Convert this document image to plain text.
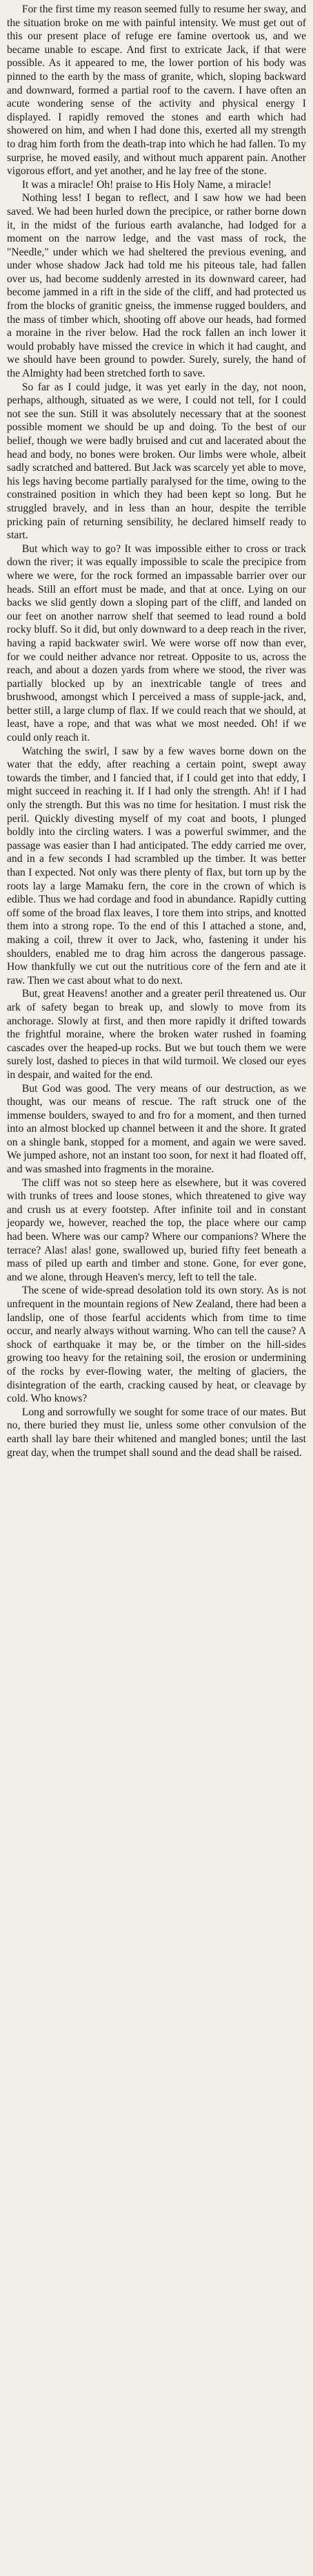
For the first time my reason seemed fully to resume her sway, and the situation broke on me with painful intensity. We must get out of this our present place of refuge ere famine overtook us, and we became unable to escape. And first to extricate Jack, if that were possible. As it appeared to me, the lower portion of his body was pinned to the earth by the mass of granite, which, sloping backward and downward, formed a partial roof to the cavern. I have often an acute wondering sense of the activity and physical energy I displayed. I rapidly removed the stones and earth which had showered on him, and when I had done this, exerted all my strength to drag him forth from the death-trap into which he had fallen. To my surprise, he moved easily, and without much apparent pain. Another vigorous effort, and yet another, and he lay free of the stone.

It was a miracle! Oh! praise to His Holy Name, a miracle!

Nothing less! I began to reflect, and I saw how we had been saved. We had been hurled down the precipice, or rather borne down it, in the midst of the furious earth avalanche, had lodged for a moment on the narrow ledge, and the vast mass of rock, the "Needle," under which we had sheltered the previous evening, and under whose shadow Jack had told me his piteous tale, had fallen over us, had become suddenly arrested in its downward career, had become jammed in a rift in the side of the cliff, and had protected us from the blocks of granitic gneiss, the immense rugged boulders, and the mass of timber which, shooting off above our heads, had formed a moraine in the river below. Had the rock fallen an inch lower it would probably have missed the crevice in which it had caught, and we should have been ground to powder. Surely, surely, the hand of the Almighty had been stretched forth to save.

So far as I could judge, it was yet early in the day, not noon, perhaps, although, situated as we were, I could not tell, for I could not see the sun. Still it was absolutely necessary that at the soonest possible moment we should be up and doing. To the best of our belief, though we were badly bruised and cut and lacerated about the head and body, no bones were broken. Our limbs were whole, albeit sadly scratched and battered. But Jack was scarcely yet able to move, his legs having become partially paralysed for the time, owing to the constrained position in which they had been kept so long. But he struggled bravely, and in less than an hour, despite the terrible pricking pain of returning sensibility, he declared himself ready to start.

But which way to go? It was impossible either to cross or track down the river; it was equally impossible to scale the precipice from where we were, for the rock formed an impassable barrier over our heads. Still an effort must be made, and that at once. Lying on our backs we slid gently down a sloping part of the cliff, and landed on our feet on another narrow shelf that seemed to lead round a bold rocky bluff. So it did, but only downward to a deep reach in the river, having a rapid backwater swirl. We were worse off now than ever, for we could neither advance nor retreat. Opposite to us, across the reach, and about a dozen yards from where we stood, the river was partially blocked up by an inextricable tangle of trees and brushwood, amongst which I perceived a mass of supple-jack, and, better still, a large clump of flax. If we could reach that we should, at least, have a rope, and that was what we most needed. Oh! if we could only reach it.

Watching the swirl, I saw by a few waves borne down on the water that the eddy, after reaching a certain point, swept away towards the timber, and I fancied that, if I could get into that eddy, I might succeed in reaching it. If I had only the strength. Ah! if I had only the strength. But this was no time for hesitation. I must risk the peril. Quickly divesting myself of my coat and boots, I plunged boldly into the circling waters. I was a powerful swimmer, and the passage was easier than I had anticipated. The eddy carried me over, and in a few seconds I had scrambled up the timber. It was better than I expected. Not only was there plenty of flax, but torn up by the roots lay a large Mamaku fern, the core in the crown of which is edible. Thus we had cordage and food in abundance. Rapidly cutting off some of the broad flax leaves, I tore them into strips, and knotted them into a strong rope. To the end of this I attached a stone, and, making a coil, threw it over to Jack, who, fastening it under his shoulders, enabled me to drag him across the dangerous passage. How thankfully we cut out the nutritious core of the fern and ate it raw. Then we cast about what to do next.

But, great Heavens! another and a greater peril threatened us. Our ark of safety began to break up, and slowly to move from its anchorage. Slowly at first, and then more rapidly it drifted towards the frightful moraine, where the broken water rushed in foaming cascades over the heaped-up rocks. But we but touch them we were surely lost, dashed to pieces in that wild turmoil. We closed our eyes in despair, and waited for the end.

But God was good. The very means of our destruction, as we thought, was our means of rescue. The raft struck one of the immense boulders, swayed to and fro for a moment, and then turned into an almost blocked up channel between it and the shore. It grated on a shingle bank, stopped for a moment, and again we were saved. We jumped ashore, not an instant too soon, for next it had floated off, and was smashed into fragments in the moraine.

The cliff was not so steep here as elsewhere, but it was covered with trunks of trees and loose stones, which threatened to give way and crush us at every footstep. After infinite toil and in constant jeopardy we, however, reached the top, the place where our camp had been. Where was our camp? Where our companions? Where the terrace? Alas! alas! gone, swallowed up, buried fifty feet beneath a mass of piled up earth and timber and stone. Gone, for ever gone, and we alone, through Heaven's mercy, left to tell the tale.

The scene of wide-spread desolation told its own story. As is not unfrequent in the mountain regions of New Zealand, there had been a landslip, one of those fearful accidents which from time to time occur, and nearly always without warning. Who can tell the cause? A shock of earthquake it may be, or the timber on the hill-sides growing too heavy for the retaining soil, the erosion or undermining of the rocks by ever-flowing water, the melting of glaciers, the disintegration of the earth, cracking caused by heat, or cleavage by cold. Who knows?

Long and sorrowfully we sought for some trace of our mates. But no, there buried they must lie, unless some other convulsion of the earth shall lay bare their whitened and mangled bones; until the last great day, when the trumpet shall sound and the dead shall be raised.
